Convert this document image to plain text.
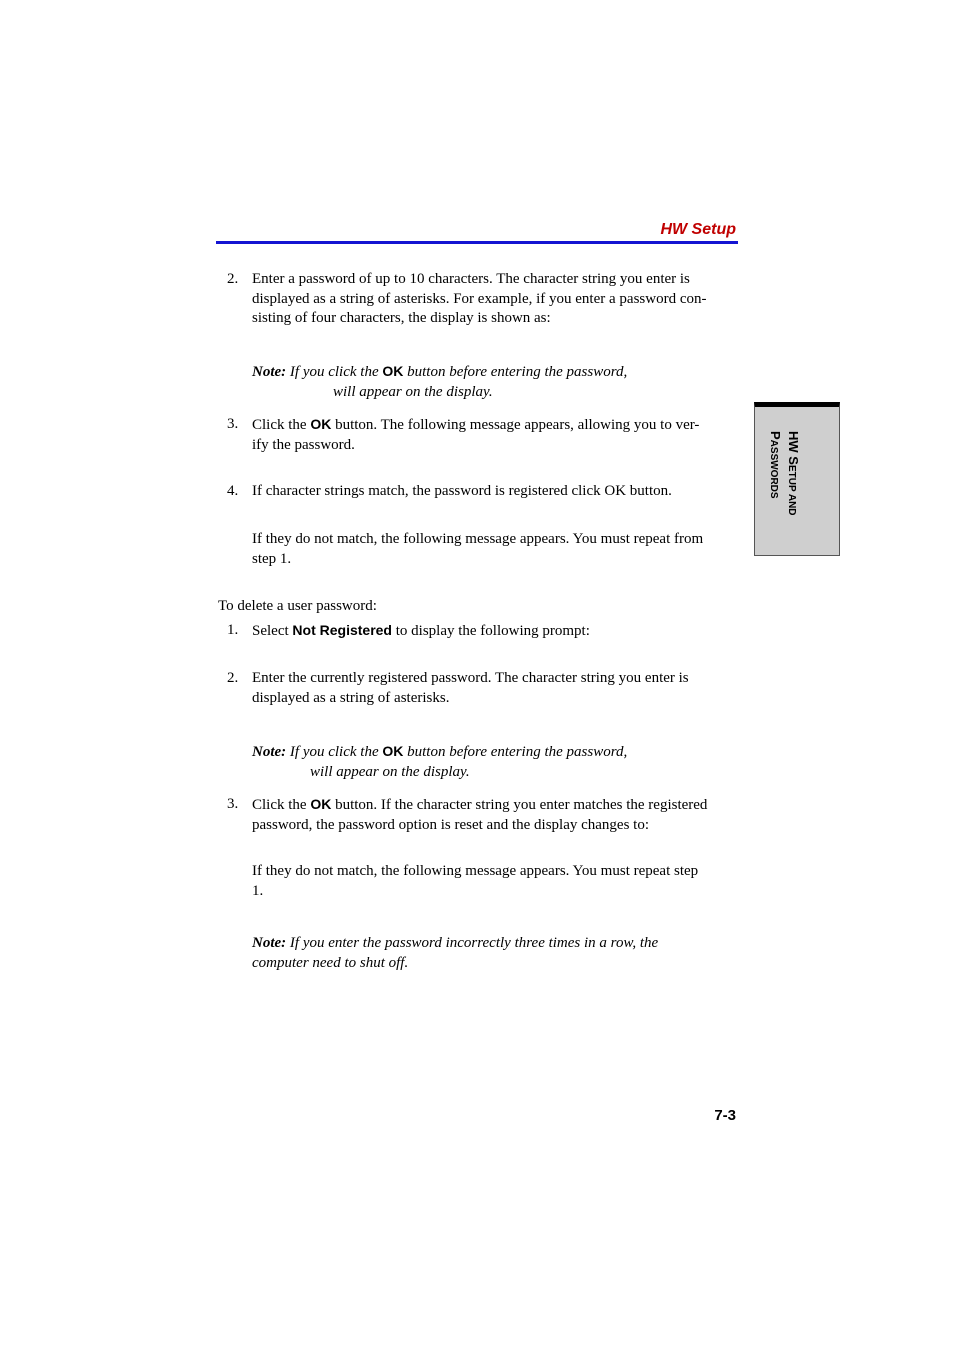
HW Setup
HW SETUP AND
PASSWORDS
2. Enter a password of up to 10 characters. The character string you enter is
displayed as a string of asterisks. For example, if you enter a password con-
sisting of four characters, the display is shown as:
Note: If you click the OK button before entering the password,
will appear on the display.
3. Click the OK button. The following message appears, allowing you to ver-
ify the password.
4. If character strings match, the password is registered click OK button.
If they do not match, the following message appears. You must repeat from
step 1.
To delete a user password:
1. Select Not Registered to display the following prompt:
2. Enter the currently registered password. The character string you enter is
displayed as a string of asterisks.
Note: If you click the OK button before entering the password,
will appear on the display.
3. Click the OK button. If the character string you enter matches the registered
password, the password option is reset and the display changes to:
If they do not match, the following message appears. You must repeat step
1.
Note: If you enter the password incorrectly three times in a row, the
computer need to shut off.
7-3
